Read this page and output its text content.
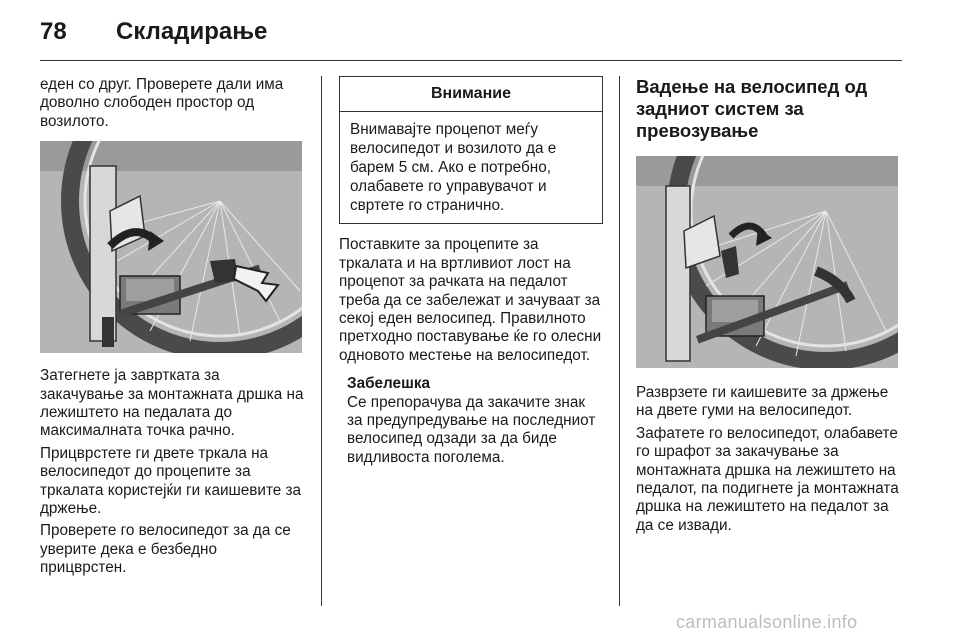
78 Складирање

еден со друг. Проверете дали има доволно слободен простор од возилото.

Затегнете ја завртката за закачување за монтажната дршка на лежиштето на педалата до максималната точка рачно.

Прицврстете ги двете тркала на велосипедот до процепите за тркалата користејќи ги каишевите за држење.

Проверете го велосипедот за да се уверите дека е безбедно прицврстен.

Внимание
Внимавајте процепот меѓу велосипедот и возилото да е барем 5 см. Ако е потребно, олабавете го управувачот и свртете го странично.

Поставките за процепите за тркалата и на вртливиот лост на процепот за рачката на педалот треба да се забележат и зачуваат за секој еден велосипед. Правилното претходно поставување ќе го олесни одновото местење на велосипедот.

Забелешка
Се препорачува да закачите знак за предупредување на последниот велосипед одзади за да биде видливоста поголема.
Вадење на велосипед од задниот систем за превозување

Разврзете ги каишевите за држење на двете гуми на велосипедот.

Зафатете го велосипедот, олабавете го шрафот за закачување за монтажната дршка на лежиштето на педалот, па подигнете ја монтажната дршка на лежиштето на педалот за да се извади.

carmanualsonline.info
